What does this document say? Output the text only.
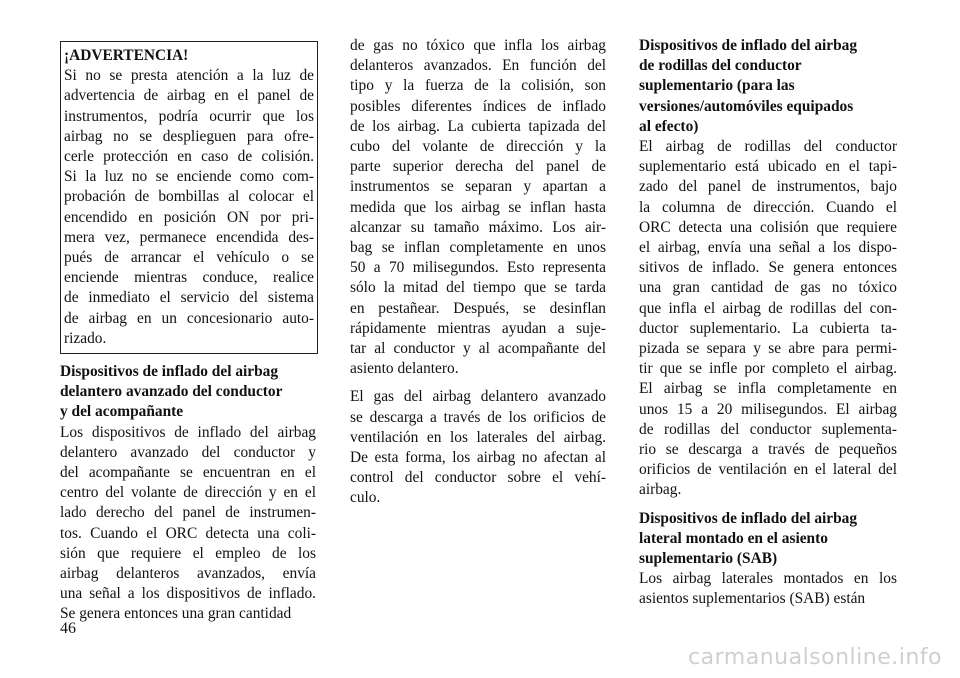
¡ADVERTENCIA!
Si no se presta atención a la luz de
advertencia de airbag en el panel de
instrumentos, podría ocurrir que los
airbag no se desplieguen para ofre-
cerle protección en caso de colisión.
Si la luz no se enciende como com-
probación de bombillas al colocar el
encendido en posición ON por pri-
mera vez, permanece encendida des-
pués de arrancar el vehículo o se
enciende mientras conduce, realice
de inmediato el servicio del sistema
de airbag en un concesionario auto-
rizado.
Dispositivos de inflado del airbag
delantero avanzado del conductor
y del acompañante
Los dispositivos de inflado del airbag
delantero avanzado del conductor y
del acompañante se encuentran en el
centro del volante de dirección y en el
lado derecho del panel de instrumen-
tos. Cuando el ORC detecta una coli-
sión que requiere el empleo de los
airbag delanteros avanzados, envía
una señal a los dispositivos de inflado.
Se genera entonces una gran cantidad
de gas no tóxico que infla los airbag
delanteros avanzados. En función del
tipo y la fuerza de la colisión, son
posibles diferentes índices de inflado
de los airbag. La cubierta tapizada del
cubo del volante de dirección y la
parte superior derecha del panel de
instrumentos se separan y apartan a
medida que los airbag se inflan hasta
alcanzar su tamaño máximo. Los air-
bag se inflan completamente en unos
50 a 70 milisegundos. Esto representa
sólo la mitad del tiempo que se tarda
en pestañear. Después, se desinflan
rápidamente mientras ayudan a suje-
tar al conductor y al acompañante del
asiento delantero.
El gas del airbag delantero avanzado
se descarga a través de los orificios de
ventilación en los laterales del airbag.
De esta forma, los airbag no afectan al
control del conductor sobre el vehí-
culo.
Dispositivos de inflado del airbag
de rodillas del conductor
suplementario (para las
versiones/automóviles equipados
al efecto)
El airbag de rodillas del conductor
suplementario está ubicado en el tapi-
zado del panel de instrumentos, bajo
la columna de dirección. Cuando el
ORC detecta una colisión que requiere
el airbag, envía una señal a los dispo-
sitivos de inflado. Se genera entonces
una gran cantidad de gas no tóxico
que infla el airbag de rodillas del con-
ductor suplementario. La cubierta ta-
pizada se separa y se abre para permi-
tir que se infle por completo el airbag.
El airbag se infla completamente en
unos 15 a 20 milisegundos. El airbag
de rodillas del conductor suplementa-
rio se descarga a través de pequeños
orificios de ventilación en el lateral del
airbag.
Dispositivos de inflado del airbag
lateral montado en el asiento
suplementario (SAB)
Los airbag laterales montados en los
asientos suplementarios (SAB) están
46
carmanualsonline.info
